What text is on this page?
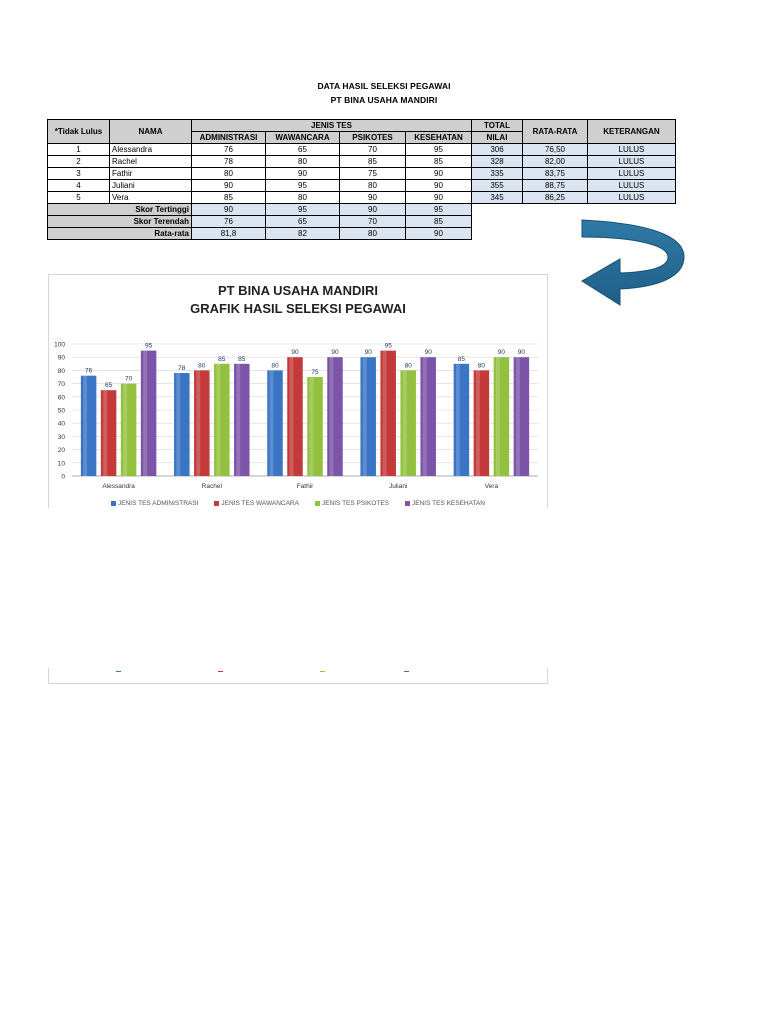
DATA HASIL SELEKSI PEGAWAI
PT BINA USAHA MANDIRI
*Tidak Lulus	NAMA	JENIS TES				TOTAL	RATA-RATA	KETERANGAN
		ADMINISTRASI	WAWANCARA	PSIKOTES	KESEHATAN	NILAI		
1	Alessandra	76	65	70	95	306	76,50	LULUS
2	Rachel	78	80	85	85	328	82,00	LULUS
3	Fathir	80	90	75	90	335	83,75	LULUS
4	Juliani	90	95	80	90	355	88,75	LULUS
5	Vera	85	80	90	90	345	86,25	LULUS
Skor Tertinggi		90	95	90	95			
Skor Terendah		76	65	70	85			
Rata-rata		81,8	82	80	90			
PT BINA USAHA MANDIRI
GRAFIK HASIL SELEKSI PEGAWAI
0
10
20
30
40
50
60
70
80
90
100
76
65
70
95
Alessandra
78 80
85 85
Rachel
80
90
75
90
Fathir
90
95
80
90
Juliani
85
80
90 90
Vera
JENIS TES ADMINISTRASI	JENIS TES WAWANCARA	JENIS TES PSIKOTES	JENIS TES KESEHATAN
